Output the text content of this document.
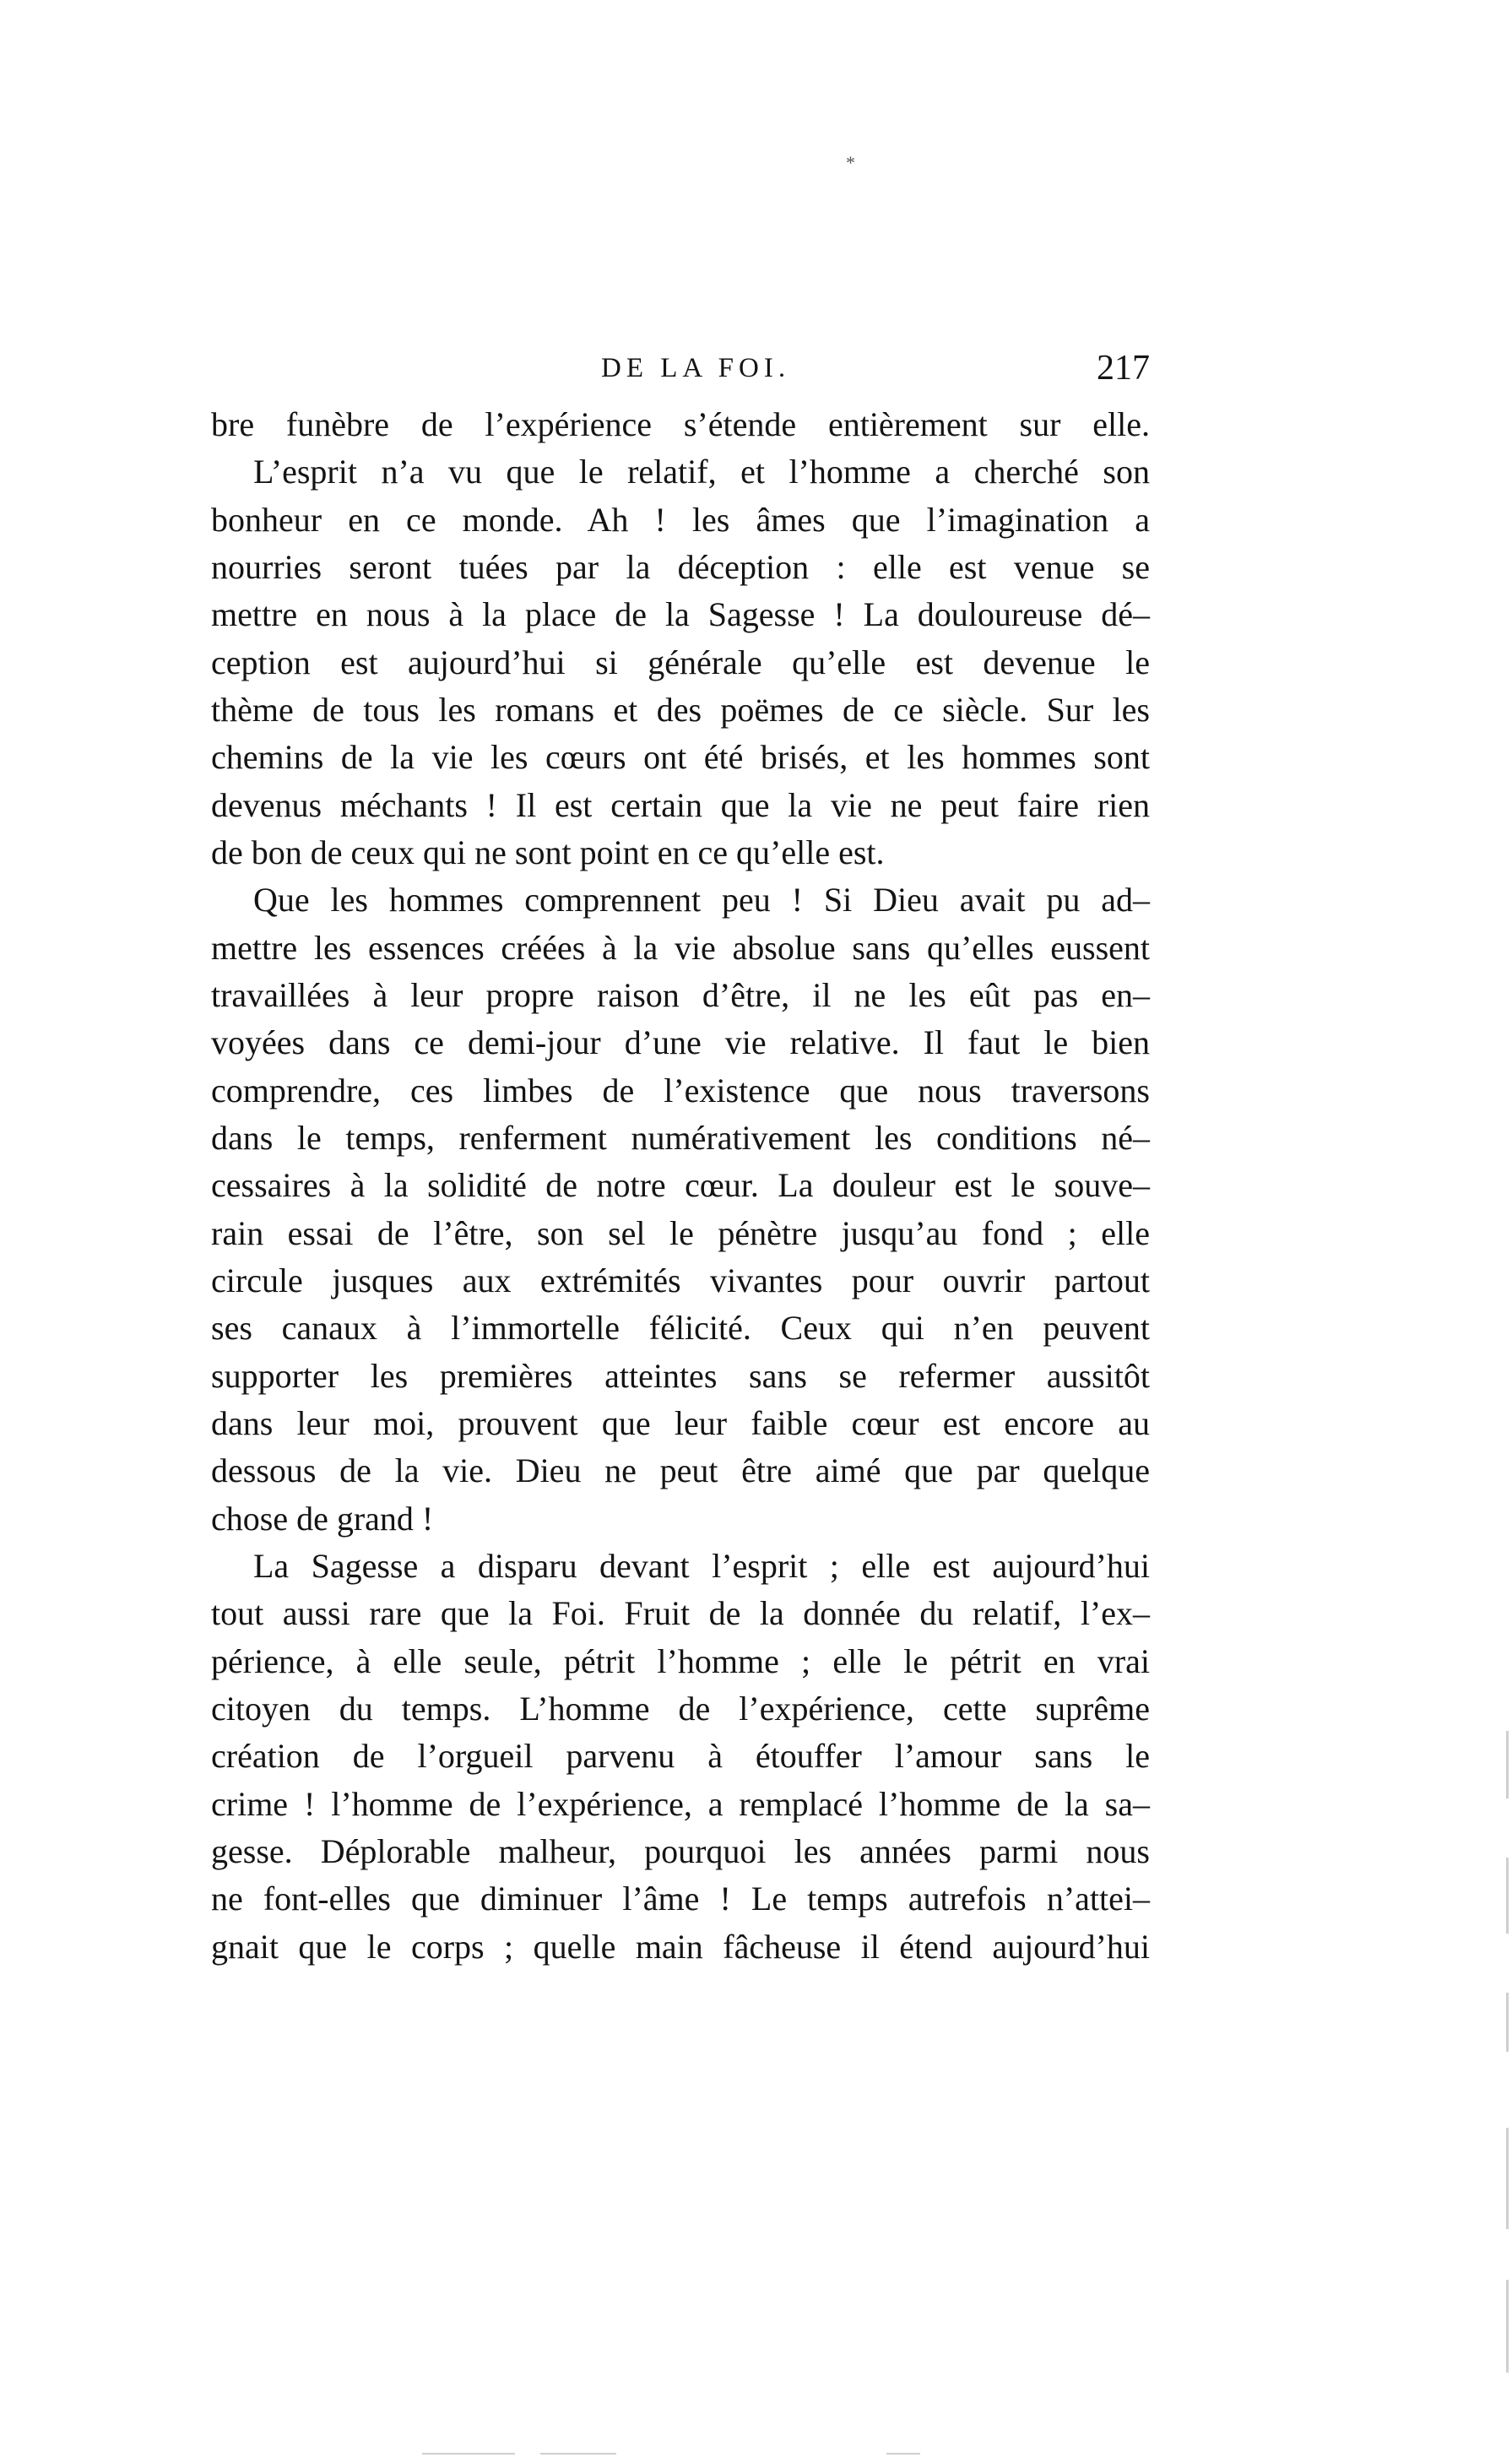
*
DE LA FOI.	217
bre funèbre de l’expérience s’étende entièrement sur elle.
L’esprit n’a vu que le relatif, et l’homme a cherché son
bonheur en ce monde. Ah ! les âmes que l’imagination a
nourries seront tuées par la déception : elle est venue se
mettre en nous à la place de la Sagesse ! La douloureuse dé–
ception est aujourd’hui si générale qu’elle est devenue le
thème de tous les romans et des poëmes de ce siècle. Sur les
chemins de la vie les cœurs ont été brisés, et les hommes sont
devenus méchants ! Il est certain que la vie ne peut faire rien
de bon de ceux qui ne sont point en ce qu’elle est.
Que les hommes comprennent peu ! Si Dieu avait pu ad–
mettre les essences créées à la vie absolue sans qu’elles eussent
travaillées à leur propre raison d’être, il ne les eût pas en–
voyées dans ce demi-jour d’une vie relative. Il faut le bien
comprendre, ces limbes de l’existence que nous traversons
dans le temps, renferment numérativement les conditions né–
cessaires à la solidité de notre cœur. La douleur est le souve–
rain essai de l’être, son sel le pénètre jusqu’au fond ; elle
circule jusques aux extrémités vivantes pour ouvrir partout
ses canaux à l’immortelle félicité. Ceux qui n’en peuvent
supporter les premières atteintes sans se refermer aussitôt
dans leur moi, prouvent que leur faible cœur est encore au
dessous de la vie. Dieu ne peut être aimé que par quelque
chose de grand !
La Sagesse a disparu devant l’esprit ; elle est aujourd’hui
tout aussi rare que la Foi. Fruit de la donnée du relatif, l’ex–
périence, à elle seule, pétrit l’homme ; elle le pétrit en vrai
citoyen du temps. L’homme de l’expérience, cette suprême
création de l’orgueil parvenu à étouffer l’amour sans le
crime ! l’homme de l’expérience, a remplacé l’homme de la sa–
gesse. Déplorable malheur, pourquoi les années parmi nous
ne font-elles que diminuer l’âme ! Le temps autrefois n’attei–
gnait que le corps ; quelle main fâcheuse il étend aujourd’hui
